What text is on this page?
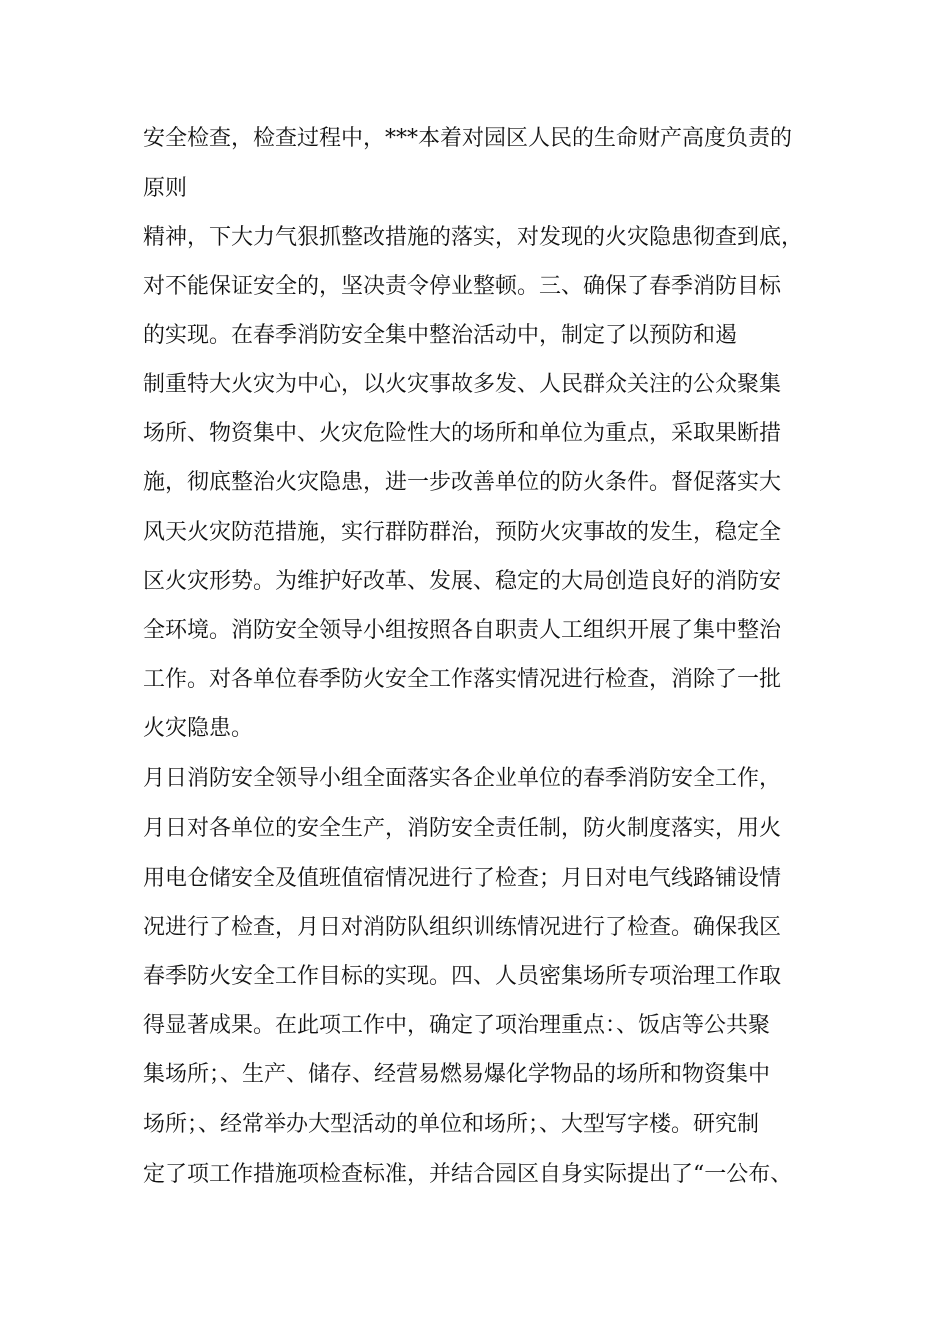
安全检查，检查过程中，***本着对园区人民的生命财产高度负责的
原则
精神，下大力气狠抓整改措施的落实，对发现的火灾隐患彻查到底，
对不能保证安全的，坚决责令停业整顿。三、确保了春季消防目标
的实现。在春季消防安全集中整治活动中，制定了以预防和遏
制重特大火灾为中心，以火灾事故多发、人民群众关注的公众聚集
场所、物资集中、火灾危险性大的场所和单位为重点，采取果断措
施，彻底整治火灾隐患，进一步改善单位的防火条件。督促落实大
风天火灾防范措施，实行群防群治，预防火灾事故的发生，稳定全
区火灾形势。为维护好改革、发展、稳定的大局创造良好的消防安
全环境。消防安全领导小组按照各自职责人工组织开展了集中整治
工作。对各单位春季防火安全工作落实情况进行检查，消除了一批
火灾隐患。
月日消防安全领导小组全面落实各企业单位的春季消防安全工作，
月日对各单位的安全生产，消防安全责任制，防火制度落实，用火
用电仓储安全及值班值宿情况进行了检查；月日对电气线路铺设情
况进行了检查，月日对消防队组织训练情况进行了检查。确保我区
春季防火安全工作目标的实现。四、人员密集场所专项治理工作取
得显著成果。在此项工作中，确定了项治理重点：、饭店等公共聚
集场所；、生产、储存、经营易燃易爆化学物品的场所和物资集中
场所；、经常举办大型活动的单位和场所；、大型写字楼。研究制
定了项工作措施项检查标准，并结合园区自身实际提出了“一公布、
